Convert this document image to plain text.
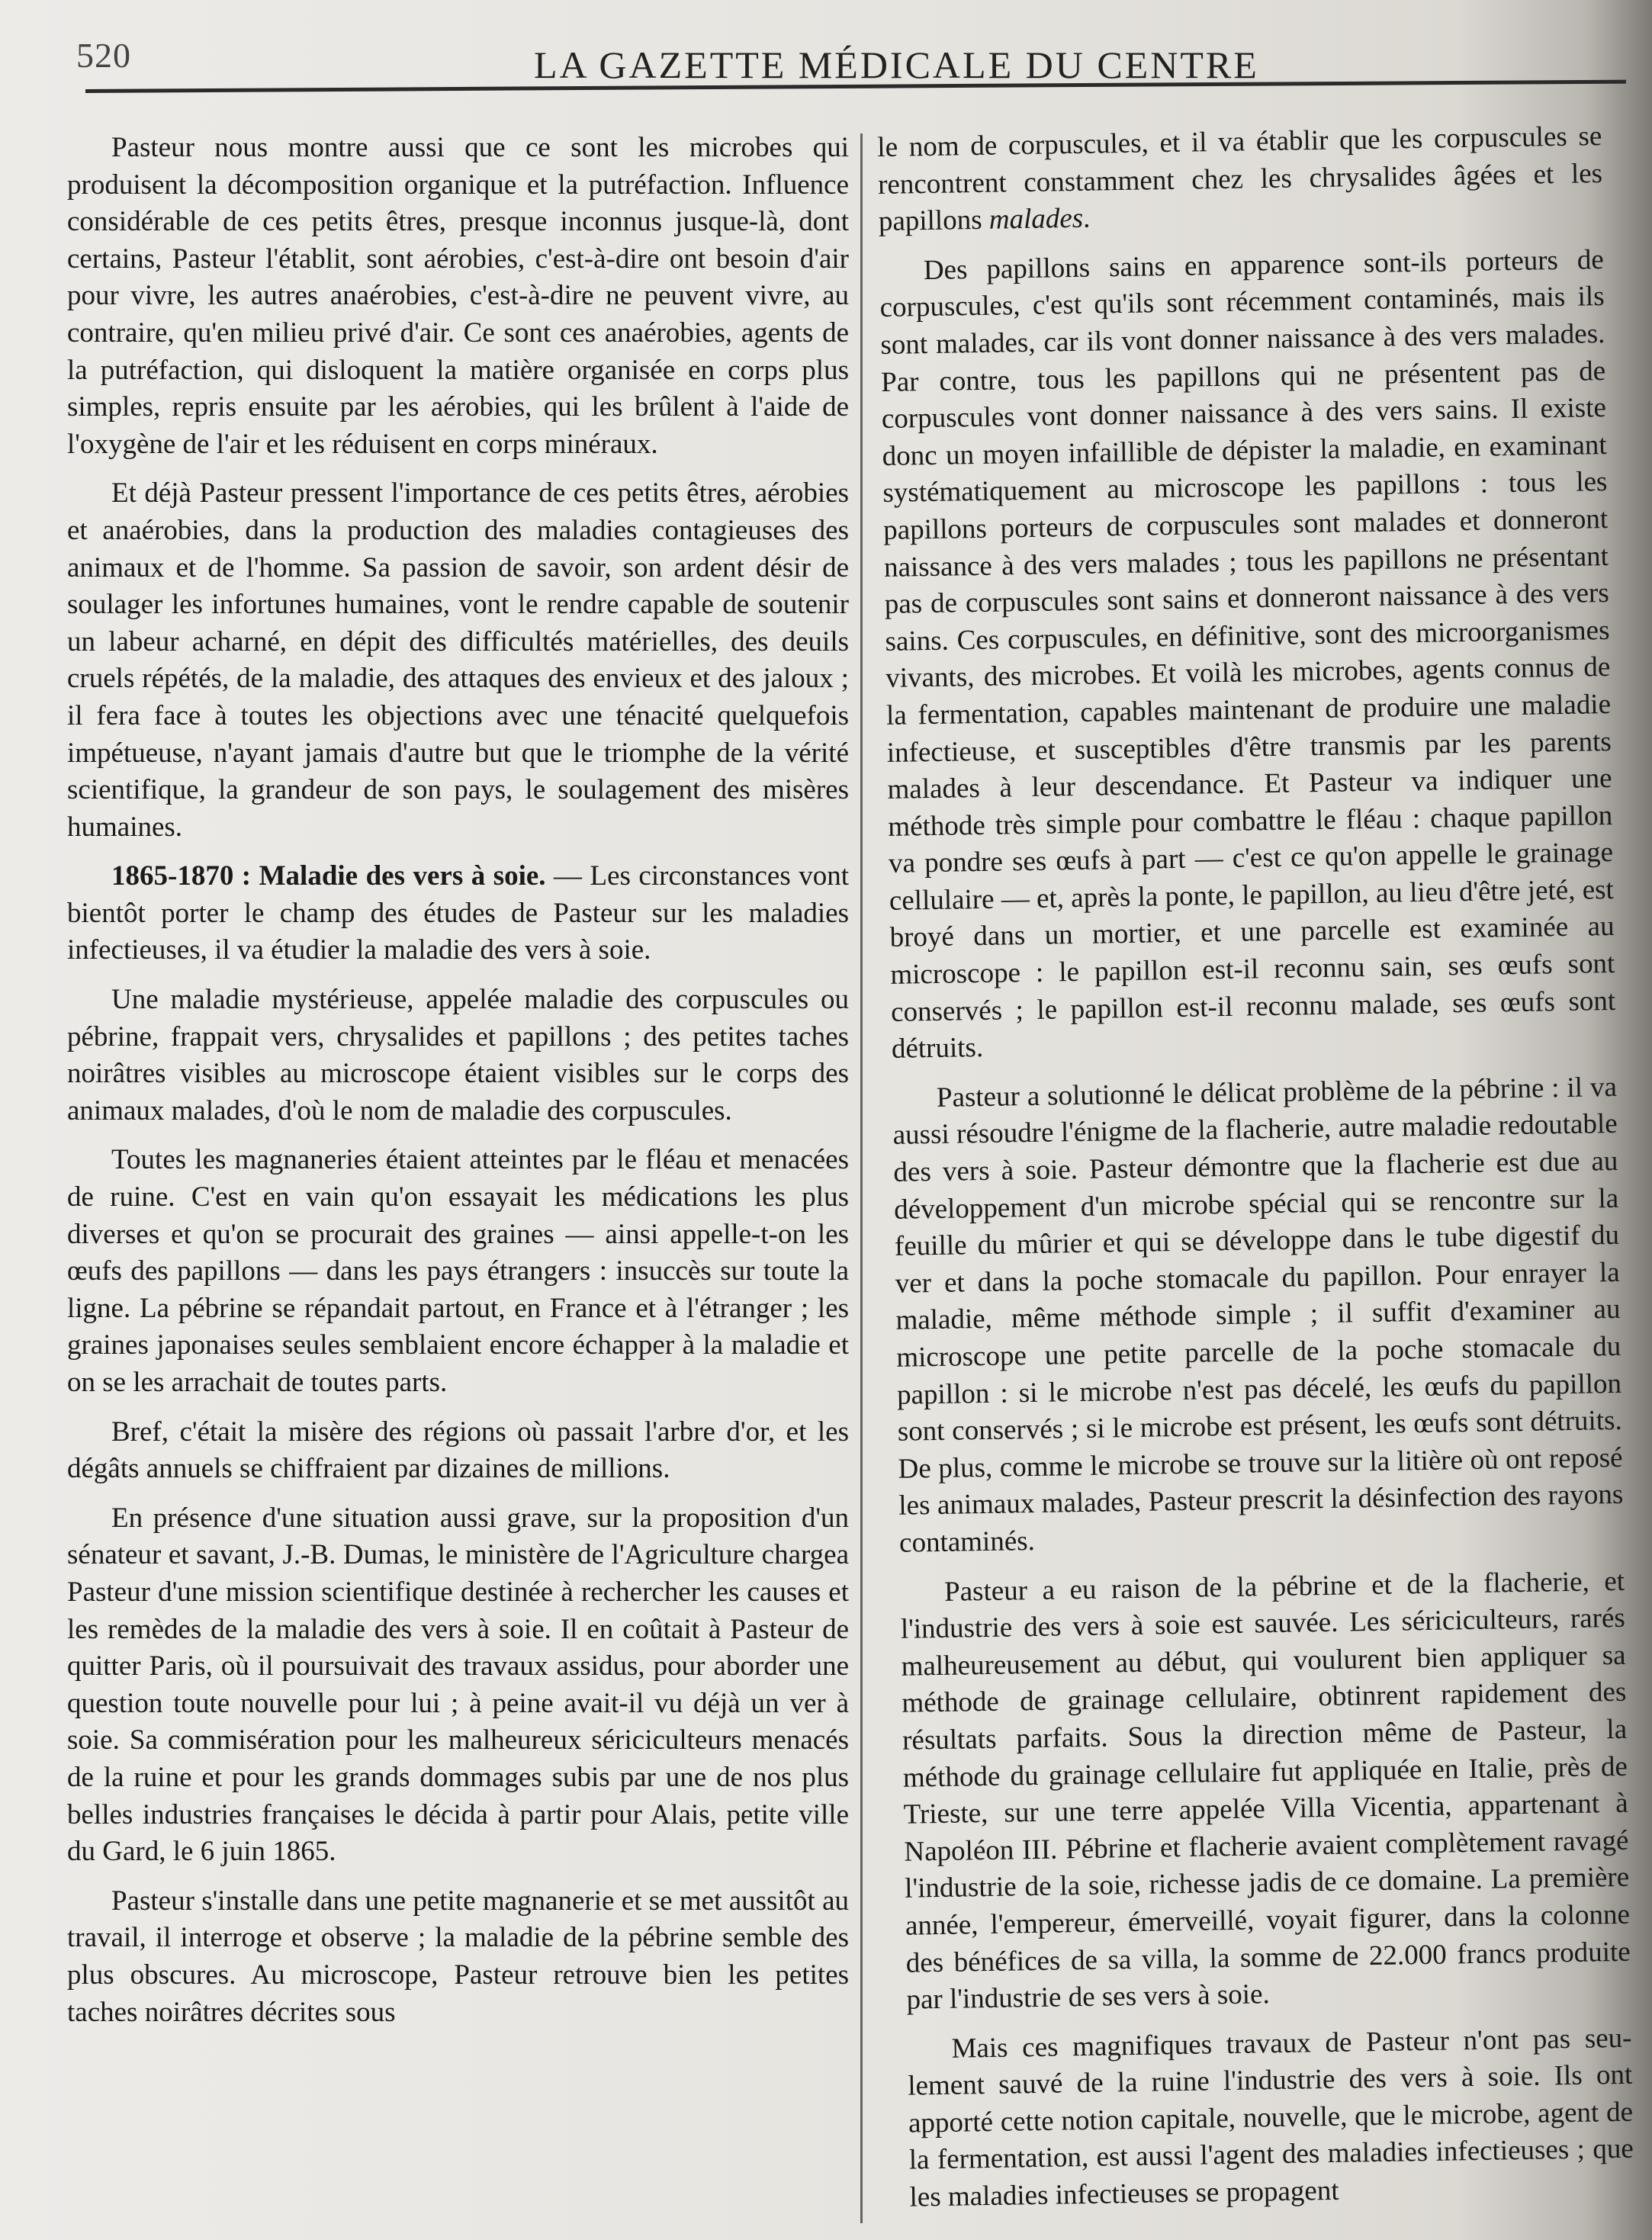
520	LA GAZETTE MÉDICALE DU CENTRE

Pasteur nous montre aussi que ce sont les microbes qui produisent la décomposition organique et la putréfaction. Influence considérable de ces petits êtres, presque inconnus jusque-là, dont certains, Pasteur l'établit, sont aérobies, c'est-à-dire ont besoin d'air pour vivre, les autres anaérobies, c'est-à-dire ne peuvent vivre, au contraire, qu'en milieu privé d'air. Ce sont ces anaérobies, agents de la putréfaction, qui disloquent la matière organisée en corps plus simples, repris ensuite par les aérobies, qui les brûlent à l'aide de l'oxygène de l'air et les réduisent en corps minéraux.

Et déjà Pasteur pressent l'importance de ces petits êtres, aérobies et anaérobies, dans la production des maladies contagieuses des animaux et de l'homme. Sa passion de savoir, son ardent désir de soulager les infortunes humaines, vont le rendre capable de soutenir un labeur acharné, en dépit des difficultés matérielles, des deuils cruels répétés, de la maladie, des attaques des envieux et des jaloux ; il fera face à toutes les objections avec une ténacité quelquefois impétueuse, n'ayant jamais d'autre but que le triomphe de la vérité scientifique, la grandeur de son pays, le soulagement des misères humaines.

1865-1870 : Maladie des vers à soie. — Les circonstances vont bientôt porter le champ des études de Pasteur sur les maladies infectieuses, il va étudier la maladie des vers à soie.

Une maladie mystérieuse, appelée maladie des corpuscules ou pébrine, frappait vers, chrysalides et papillons ; des petites taches noirâtres visibles au microscope étaient visibles sur le corps des animaux malades, d'où le nom de maladie des corpuscules.

Toutes les magnaneries étaient atteintes par le fléau et menacées de ruine. C'est en vain qu'on essayait les médications les plus diverses et qu'on se procurait des graines — ainsi appelle-t-on les œufs des papillons — dans les pays étrangers : insuccès sur toute la ligne. La pébrine se répandait partout, en France et à l'étranger ; les graines japonaises seules semblaient encore échapper à la maladie et on se les arrachait de toutes parts.

Bref, c'était la misère des régions où passait l'arbre d'or, et les dégâts annuels se chiffraient par dizaines de millions.

En présence d'une situation aussi grave, sur la proposition d'un sénateur et savant, J.-B. Dumas, le ministère de l'Agriculture chargea Pasteur d'une mission scientifique destinée à rechercher les causes et les remèdes de la maladie des vers à soie. Il en coûtait à Pasteur de quitter Paris, où il poursuivait des travaux assidus, pour aborder une question toute nouvelle pour lui ; à peine avait-il vu déjà un ver à soie. Sa commisération pour les malheureux sériciculteurs menacés de la ruine et pour les grands dommages subis par une de nos plus belles industries françaises le décida à partir pour Alais, petite ville du Gard, le 6 juin 1865.

Pasteur s'installe dans une petite magnanerie et se met aussitôt au travail, il interroge et observe ; la maladie de la pébrine semble des plus obscures. Au microscope, Pasteur retrouve bien les petites taches noirâtres décrites sous

le nom de corpuscules, et il va établir que les corpuscules se rencontrent constamment chez les chrysalides âgées et les papillons malades.

Des papillons sains en apparence sont-ils porteurs de corpuscules, c'est qu'ils sont récemment contaminés, mais ils sont malades, car ils vont donner naissance à des vers malades. Par contre, tous les papillons qui ne présentent pas de corpuscules vont donner naissance à des vers sains. Il existe donc un moyen infaillible de dépister la maladie, en examinant systématiquement au microscope les papillons : tous les papillons porteurs de corpuscules sont malades et donneront naissance à des vers malades ; tous les papillons ne présentant pas de corpuscules sont sains et donneront naissance à des vers sains. Ces corpuscules, en définitive, sont des microorganismes vivants, des microbes. Et voilà les microbes, agents connus de la fermentation, capables maintenant de produire une maladie infectieuse, et susceptibles d'être transmis par les parents malades à leur descendance. Et Pasteur va indiquer une méthode très simple pour combattre le fléau : chaque papillon va pondre ses œufs à part — c'est ce qu'on appelle le grainage cellulaire — et, après la ponte, le papillon, au lieu d'être jeté, est broyé dans un mortier, et une parcelle est examinée au microscope : le papillon est-il reconnu sain, ses œufs sont conservés ; le papillon est-il reconnu malade, ses œufs sont détruits.

Pasteur a solutionné le délicat problème de la pébrine : il va aussi résoudre l'énigme de la flacherie, autre maladie redoutable des vers à soie. Pasteur démontre que la flacherie est due au développement d'un microbe spécial qui se rencontre sur la feuille du mûrier et qui se développe dans le tube digestif du ver et dans la poche stomacale du papillon. Pour enrayer la maladie, même méthode simple ; il suffit d'examiner au microscope une petite parcelle de la poche stomacale du papillon : si le microbe n'est pas décelé, les œufs du papillon sont conservés ; si le microbe est présent, les œufs sont détruits. De plus, comme le microbe se trouve sur la litière où ont reposé les animaux malades, Pasteur prescrit la désinfection des rayons contaminés.

Pasteur a eu raison de la pébrine et de la flacherie, et l'industrie des vers à soie est sauvée. Les sériciculteurs, rarés malheureusement au début, qui voulurent bien appliquer sa méthode de grainage cellulaire, obtinrent rapidement des résultats parfaits. Sous la direction même de Pasteur, la méthode du grainage cellulaire fut appliquée en Italie, près de Trieste, sur une terre appelée Villa Vicentia, appartenant à Napoléon III. Pébrine et flacherie avaient complètement ravagé l'industrie de la soie, richesse jadis de ce domaine. La première année, l'empereur, émerveillé, voyait figurer, dans la colonne des bénéfices de sa villa, la somme de 22.000 francs produite par l'industrie de ses vers à soie.

Mais ces magnifiques travaux de Pasteur n'ont pas seulement sauvé de la ruine l'industrie des vers à soie. Ils ont apporté cette notion capitale, nouvelle, que le microbe, agent de la fermentation, est aussi l'agent des maladies infectieuses ; que les maladies infectieuses se propagent
